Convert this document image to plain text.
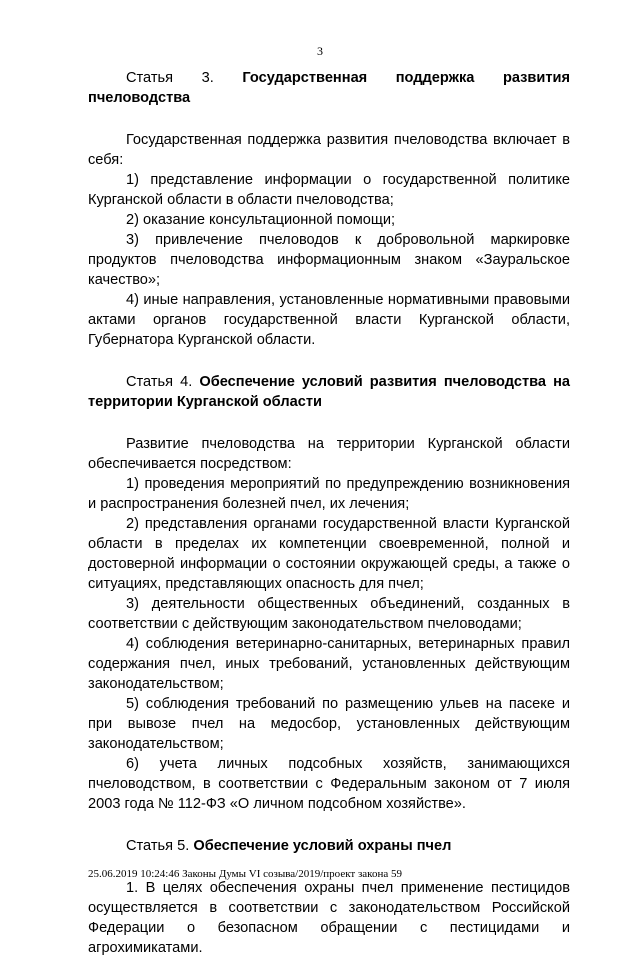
3

Статья 3. Государственная поддержка развития пчеловодства

Государственная поддержка развития пчеловодства включает в себя:

1) представление информации о государственной политике Курганской области в области пчеловодства;

2) оказание консультационной помощи;

3) привлечение пчеловодов к добровольной маркировке продуктов пчеловодства информационным знаком «Зауральское качество»;

4) иные направления, установленные нормативными правовыми актами органов государственной власти Курганской области, Губернатора Курганской области.

Статья 4. Обеспечение условий развития пчеловодства на территории Курганской области

Развитие пчеловодства на территории Курганской области обеспечивается посредством:

1) проведения мероприятий по предупреждению возникновения и распространения болезней пчел, их лечения;

2) представления органами государственной власти Курганской области в пределах их компетенции своевременной, полной и достоверной информации о состоянии окружающей среды, а также о ситуациях, представляющих опасность для пчел;

3) деятельности общественных объединений, созданных в соответствии с действующим законодательством пчеловодами;

4) соблюдения ветеринарно-санитарных, ветеринарных правил содержания пчел, иных требований, установленных действующим законодательством;

5) соблюдения требований по размещению ульев на пасеке и при вывозе пчел на медосбор, установленных действующим законодательством;

6) учета личных подсобных хозяйств, занимающихся пчеловодством, в соответствии с Федеральным законом от 7 июля 2003 года № 112-ФЗ «О личном подсобном хозяйстве».

Статья 5. Обеспечение условий охраны пчел

1. В целях обеспечения охраны пчел применение пестицидов осуществляется в соответствии с законодательством Российской Федерации о безопасном обращении с пестицидами и агрохимикатами.

25.06.2019 10:24:46 Законы Думы VI созыва/2019/проект закона 59
